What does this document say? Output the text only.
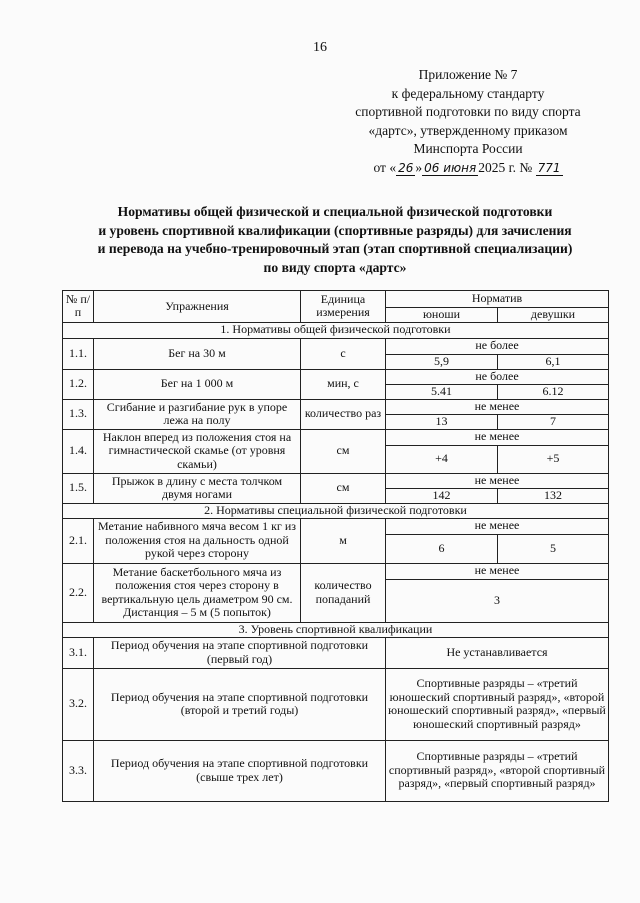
16
Приложение № 7
к федеральному стандарту
спортивной подготовки по виду спорта
«дартс», утвержденному приказом
Минспорта России
от « 26 » 06 июня 2025 г. № 771
Нормативы общей физической и специальной физической подготовки
и уровень спортивной квалификации (спортивные разряды) для зачисления
и перевода на учебно-тренировочный этап (этап спортивной специализации)
по виду спорта «дартс»
№ п/п	Упражнения	Единица измерения	Норматив	
			юноши	девушки
1. Нормативы общей физической подготовки				
1.1.	Бег на 30 м	с	не более	
			5,9	6,1
1.2.	Бег на 1 000 м	мин, с	не более	
			5.41	6.12
1.3.	Сгибание и разгибание рук в упоре лежа на полу	количество раз	не менее	
			13	7
1.4.	Наклон вперед из положения стоя на гимнастической скамье (от уровня скамьи)	см	не менее	
			+4	+5
1.5.	Прыжок в длину с места толчком двумя ногами	см	не менее	
			142	132
2. Нормативы специальной физической подготовки				
2.1.	Метание набивного мяча весом 1 кг из положения стоя на дальность одной рукой через сторону	м	не менее	
			6	5
2.2.	Метание баскетбольного мяча из положения стоя через сторону в вертикальную цель диаметром 90 см. Дистанция – 5 м (5 попыток)	количество попаданий	не менее	
			3	
3. Уровень спортивной квалификации				
3.1.	Период обучения на этапе спортивной подготовки (первый год)		Не устанавливается	
3.2.	Период обучения на этапе спортивной подготовки (второй и третий годы)		Спортивные разряды – «третий юношеский спортивный разряд», «второй юношеский спортивный разряд», «первый юношеский спортивный разряд»	
3.3.	Период обучения на этапе спортивной подготовки (свыше трех лет)		Спортивные разряды – «третий спортивный разряд», «второй спортивный разряд», «первый спортивный разряд»	
